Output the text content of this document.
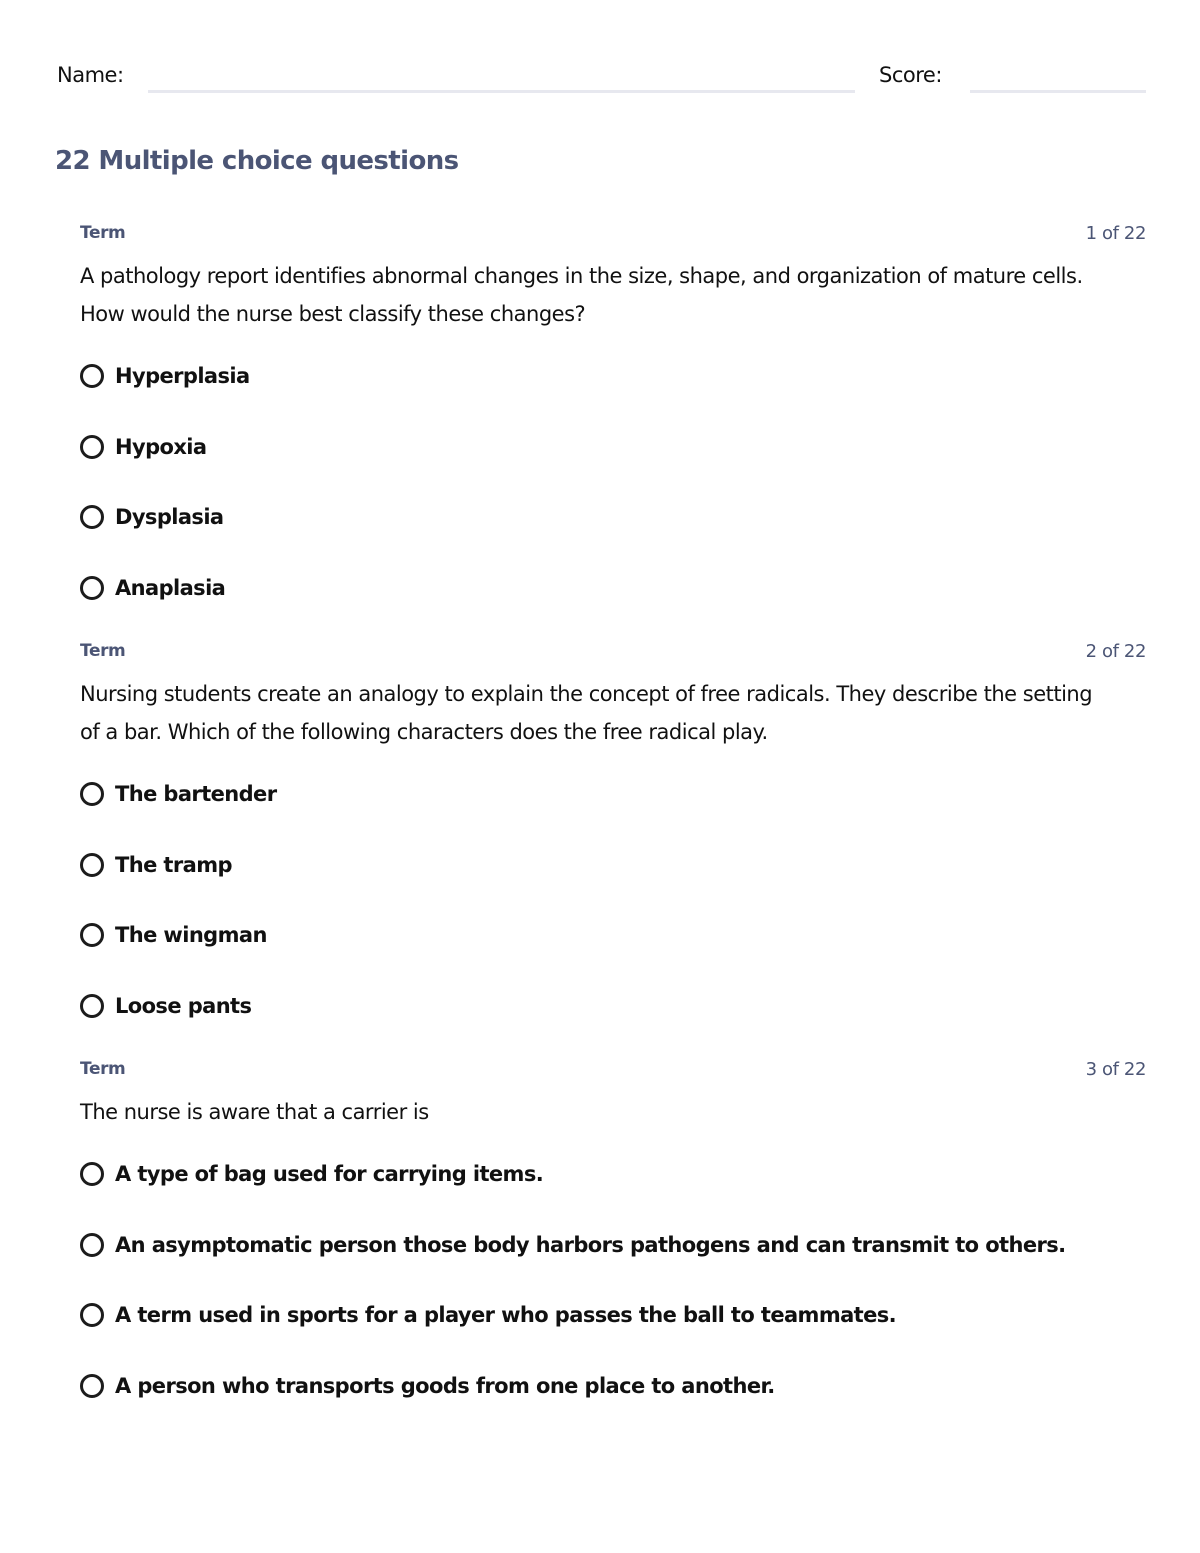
Name:	Score:
22 Multiple choice questions
Term	1 of 22
A pathology report identifies abnormal changes in the size, shape, and organization of mature cells. How would the nurse best classify these changes?
Hyperplasia
Hypoxia
Dysplasia
Anaplasia
Term	2 of 22
Nursing students create an analogy to explain the concept of free radicals. They describe the setting of a bar. Which of the following characters does the free radical play.
The bartender
The tramp
The wingman
Loose pants
Term	3 of 22
The nurse is aware that a carrier is
A type of bag used for carrying items.
An asymptomatic person those body harbors pathogens and can transmit to others.
A term used in sports for a player who passes the ball to teammates.
A person who transports goods from one place to another.
